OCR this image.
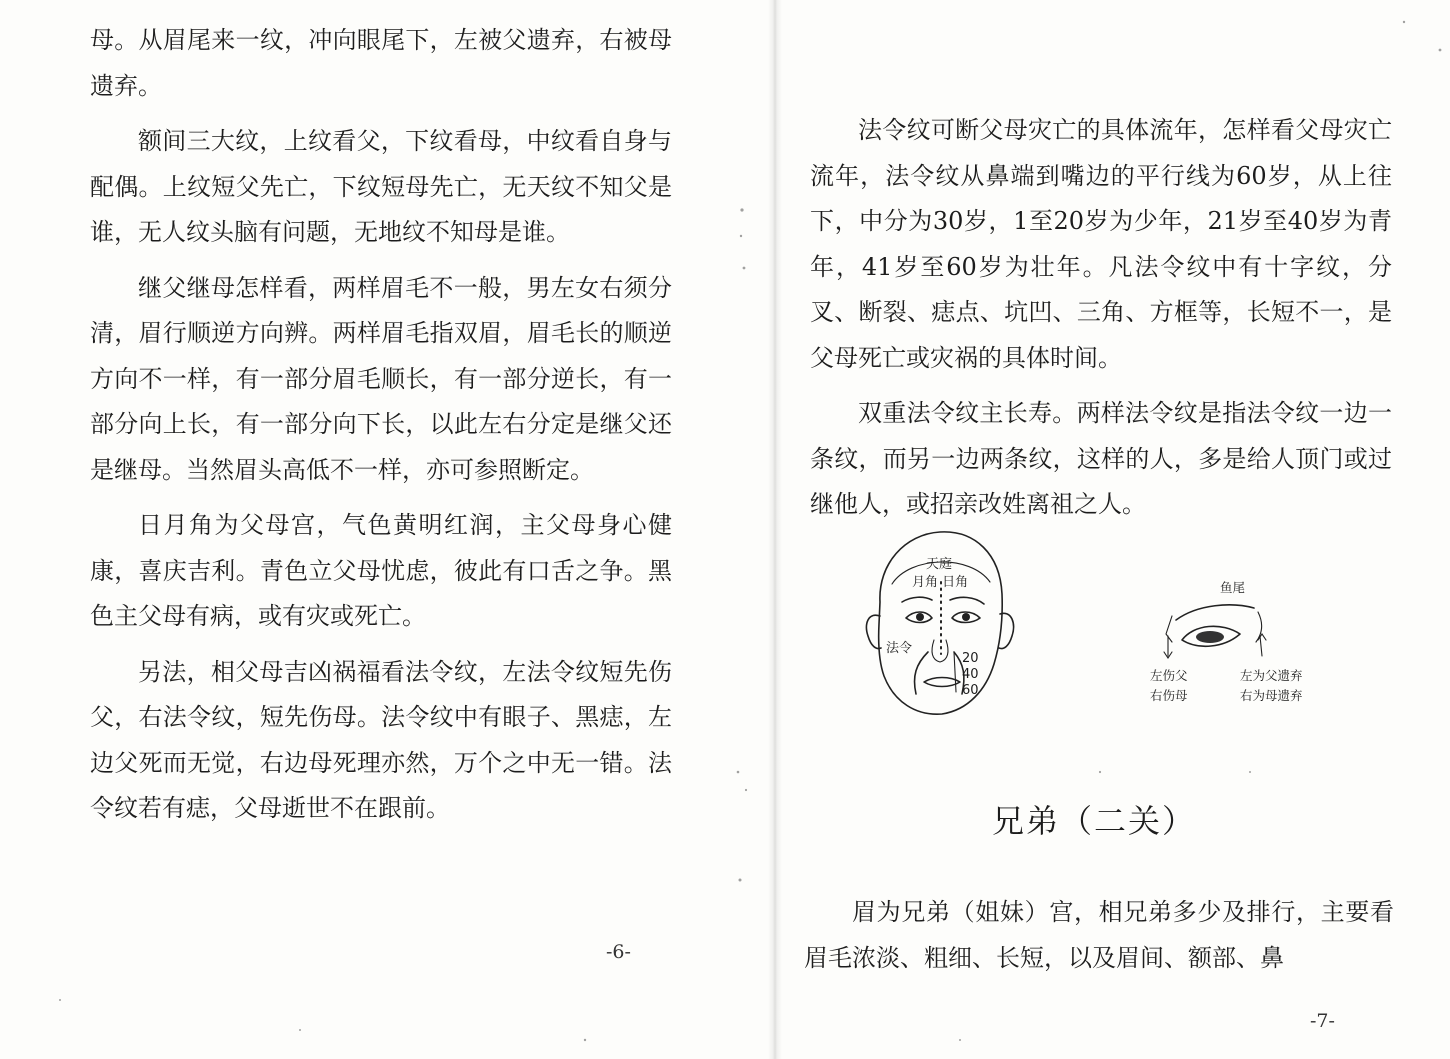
母。从眉尾来一纹，冲向眼尾下，左被父遗弃，右被母遗弃。

额间三大纹，上纹看父，下纹看母，中纹看自身与配偶。上纹短父先亡，下纹短母先亡，无天纹不知父是谁，无人纹头脑有问题，无地纹不知母是谁。

继父继母怎样看，两样眉毛不一般，男左女右须分清，眉行顺逆方向辨。两样眉毛指双眉，眉毛长的顺逆方向不一样，有一部分眉毛顺长，有一部分逆长，有一部分向上长，有一部分向下长，以此左右分定是继父还是继母。当然眉头高低不一样，亦可参照断定。

日月角为父母宫，气色黄明红润，主父母身心健康，喜庆吉利。青色立父母忧虑，彼此有口舌之争。黑色主父母有病，或有灾或死亡。

另法，相父母吉凶祸福看法令纹，左法令纹短先伤父，右法令纹，短先伤母。法令纹中有眼子、黑痣，左边父死而无觉，右边母死理亦然，万个之中无一错。法令纹若有痣，父母逝世不在跟前。

-6-

法令纹可断父母灾亡的具体流年，怎样看父母灾亡流年，法令纹从鼻端到嘴边的平行线为60岁，从上往下，中分为30岁，1至20岁为少年，21岁至40岁为青年，41岁至60岁为壮年。凡法令纹中有十字纹，分叉、断裂、痣点、坑凹、三角、方框等，长短不一，是父母死亡或灾祸的具体时间。

双重法令纹主长寿。两样法令纹是指法令纹一边一条纹，而另一边两条纹，这样的人，多是给人顶门或过继他人，或招亲改姓离祖之人。

天庭
月角 日角
法令
20
40
60
鱼尾
左伤父
右伤母
左为父遗弃
右为母遗弃
兄弟（二关）

眉为兄弟（姐妹）宫，相兄弟多少及排行，主要看眉毛浓淡、粗细、长短，以及眉间、额部、鼻

-7-
